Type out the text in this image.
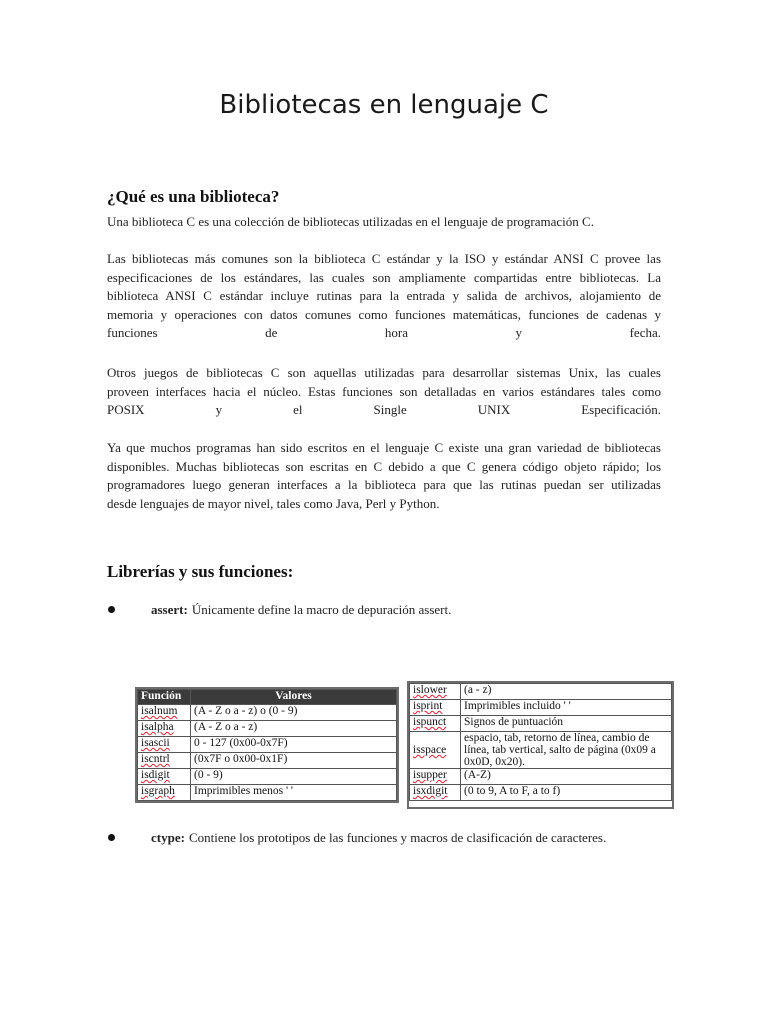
Bibliotecas en lenguaje C
¿Qué es una biblioteca?

Una biblioteca C es una colección de bibliotecas utilizadas en el lenguaje de programación C.

Las bibliotecas más comunes son la biblioteca C estándar y la ISO y estándar ANSI C provee las
especificaciones de los estándares, las cuales son ampliamente compartidas entre bibliotecas. La
biblioteca ANSI C estándar incluye rutinas para la entrada y salida de archivos, alojamiento de
memoria y operaciones con datos comunes como funciones matemáticas, funciones de cadenas y
funciones de hora y fecha.

Otros juegos de bibliotecas C son aquellas utilizadas para desarrollar sistemas Unix, las cuales
proveen interfaces hacia el núcleo. Estas funciones son detalladas en varios estándares tales como
POSIX y el Single UNIX Especificación.

Ya que muchos programas han sido escritos en el lenguaje C existe una gran variedad de bibliotecas
disponibles. Muchas bibliotecas son escritas en C debido a que C genera código objeto rápido; los
programadores luego generan interfaces a la biblioteca para que las rutinas puedan ser utilizadas
desde lenguajes de mayor nivel, tales como Java, Perl y Python.

Librerías y sus funciones:

assert: Únicamente define la macro de depuración assert.

Función	Valores
isalnum	(A - Z o a - z) o (0 - 9)
isalpha	(A - Z o a - z)
isascii	0 - 127 (0x00-0x7F)
iscntrl	(0x7F o 0x00-0x1F)
isdigit	(0 - 9)
isgraph	Imprimibles menos ' '
islower	(a - z)
isprint	Imprimibles incluido ' '
ispunct	Signos de puntuación
isspace	espacio, tab, retorno de línea, cambio de línea, tab vertical, salto de página (0x09 a 0x0D, 0x20).
isupper	(A-Z)
isxdigit	(0 to 9, A to F, a to f)

ctype: Contiene los prototipos de las funciones y macros de clasificación de caracteres.
